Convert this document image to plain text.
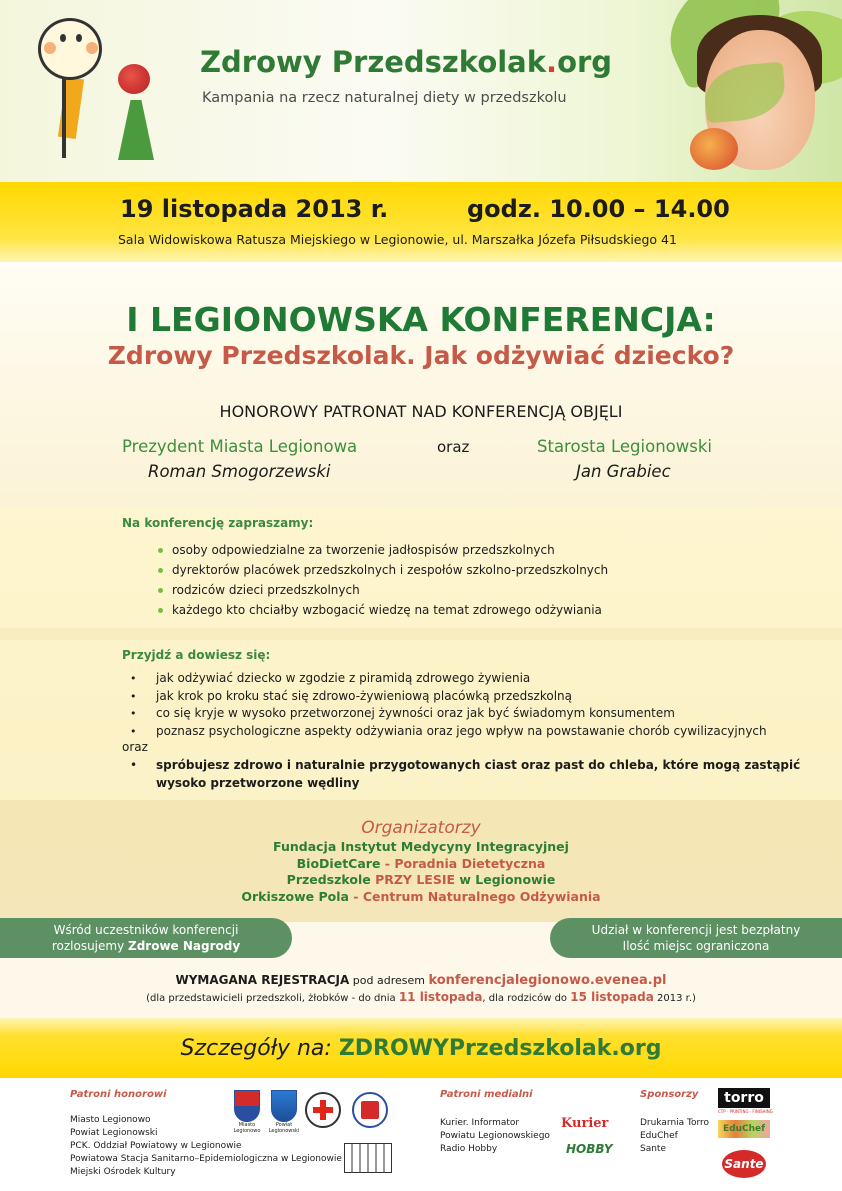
Zdrowy Przedszkolak.org
Kampania na rzecz naturalnej diety w przedszkolu
19 listopada 2013 r.	godz. 10.00 – 14.00
Sala Widowiskowa Ratusza Miejskiego w Legionowie, ul. Marszałka Józefa Piłsudskiego 41
I LEGIONOWSKA KONFERENCJA:
Zdrowy Przedszkolak. Jak odżywiać dziecko?
HONOROWY PATRONAT NAD KONFERENCJĄ OBJĘLI
Prezydent Miasta Legionowa
Roman Smogorzewski
oraz	Starosta Legionowski
Jan Grabiec
Na konferencję zapraszamy:
osoby odpowiedzialne za tworzenie jadłospisów przedszkolnych
dyrektorów placówek przedszkolnych i zespołów szkolno-przedszkolnych
rodziców dzieci przedszkolnych
każdego kto chciałby wzbogacić wiedzę na temat zdrowego odżywiania
Przyjdź a dowiesz się:
• jak odżywiać dziecko w zgodzie z piramidą zdrowego żywienia
• jak krok po kroku stać się zdrowo-żywieniową placówką przedszkolną
• co się kryje w wysoko przetworzonej żywności oraz jak być świadomym konsumentem
• poznasz psychologiczne aspekty odżywiania oraz jego wpływ na powstawanie chorób cywilizacyjnych
oraz
• spróbujesz zdrowo i naturalnie przygotowanych ciast oraz past do chleba, które mogą zastąpić
wysoko przetworzone wędliny
Organizatorzy
Fundacja Instytut Medycyny Integracyjnej
BioDietCare - Poradnia Dietetyczna
Przedszkole PRZY LESIE w Legionowie
Orkiszowe Pola - Centrum Naturalnego Odżywiania
Wśród uczestników konferencji
rozlosujemy Zdrowe Nagrody
Udział w konferencji jest bezpłatny
Ilość miejsc ograniczona
WYMAGANA REJESTRACJA pod adresem konferencjalegionowo.evenea.pl
(dla przedstawicieli przedszkoli, żłobków - do dnia 11 listopada, dla rodziców do 15 listopada 2013 r.)
Szczegóły na: ZDROWYPrzedszkolak.org
Patroni honorowi
Miasto Legionowo
Powiat Legionowski
PCK. Oddział Powiatowy w Legionowie
Powiatowa Stacja Sanitarno–Epidemiologiczna w Legionowie
Miejski Ośrodek Kultury
Miasto Legionowo
Powiat Legionowski
Patroni medialni
Kurier. Informator
Powiatu Legionowskiego
Radio Hobby
Kurier
HOBBY
Sponsorzy
Drukarnia Torro
EduChef
Sante
torro
CTP · PRINTING · FINISHING
EduChef
Sante
